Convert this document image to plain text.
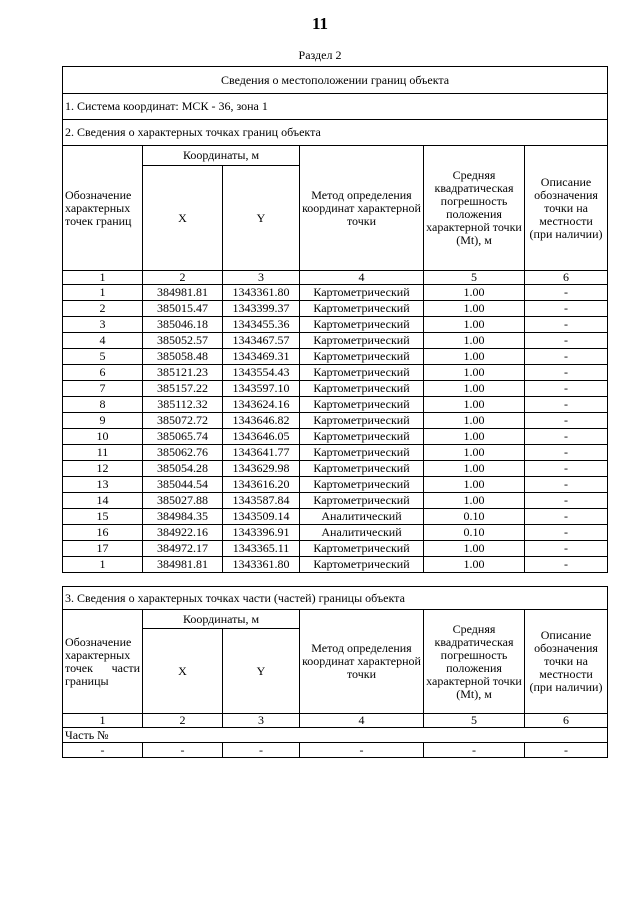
11
Раздел 2
Сведения о местоположении границ объекта					
1. Система координат: МСК - 36, зона 1					
2. Сведения о характерных точках границ объекта					
Обозначение характерных точек границ	Координаты, м		Метод определения координат характерной точки	Средняя квадратическая погрешность положения характерной точки (Mt), м	Описание обозначения точки на местности (при наличии)
	X	Y			
1	2	3	4	5	6
1	384981.81	1343361.80	Картометрический	1.00	-
2	385015.47	1343399.37	Картометрический	1.00	-
3	385046.18	1343455.36	Картометрический	1.00	-
4	385052.57	1343467.57	Картометрический	1.00	-
5	385058.48	1343469.31	Картометрический	1.00	-
6	385121.23	1343554.43	Картометрический	1.00	-
7	385157.22	1343597.10	Картометрический	1.00	-
8	385112.32	1343624.16	Картометрический	1.00	-
9	385072.72	1343646.82	Картометрический	1.00	-
10	385065.74	1343646.05	Картометрический	1.00	-
11	385062.76	1343641.77	Картометрический	1.00	-
12	385054.28	1343629.98	Картометрический	1.00	-
13	385044.54	1343616.20	Картометрический	1.00	-
14	385027.88	1343587.84	Картометрический	1.00	-
15	384984.35	1343509.14	Аналитический	0.10	-
16	384922.16	1343396.91	Аналитический	0.10	-
17	384972.17	1343365.11	Картометрический	1.00	-
1	384981.81	1343361.80	Картометрический	1.00	-
3. Сведения о характерных точках части (частей) границы объекта					
Обозначение характерных точек части границы	Координаты, м		Метод определения координат характерной точки	Средняя квадратическая погрешность положения характерной точки (Mt), м	Описание обозначения точки на местности (при наличии)
	X	Y			
1	2	3	4	5	6
Часть №					
-	-	-	-	-	-
